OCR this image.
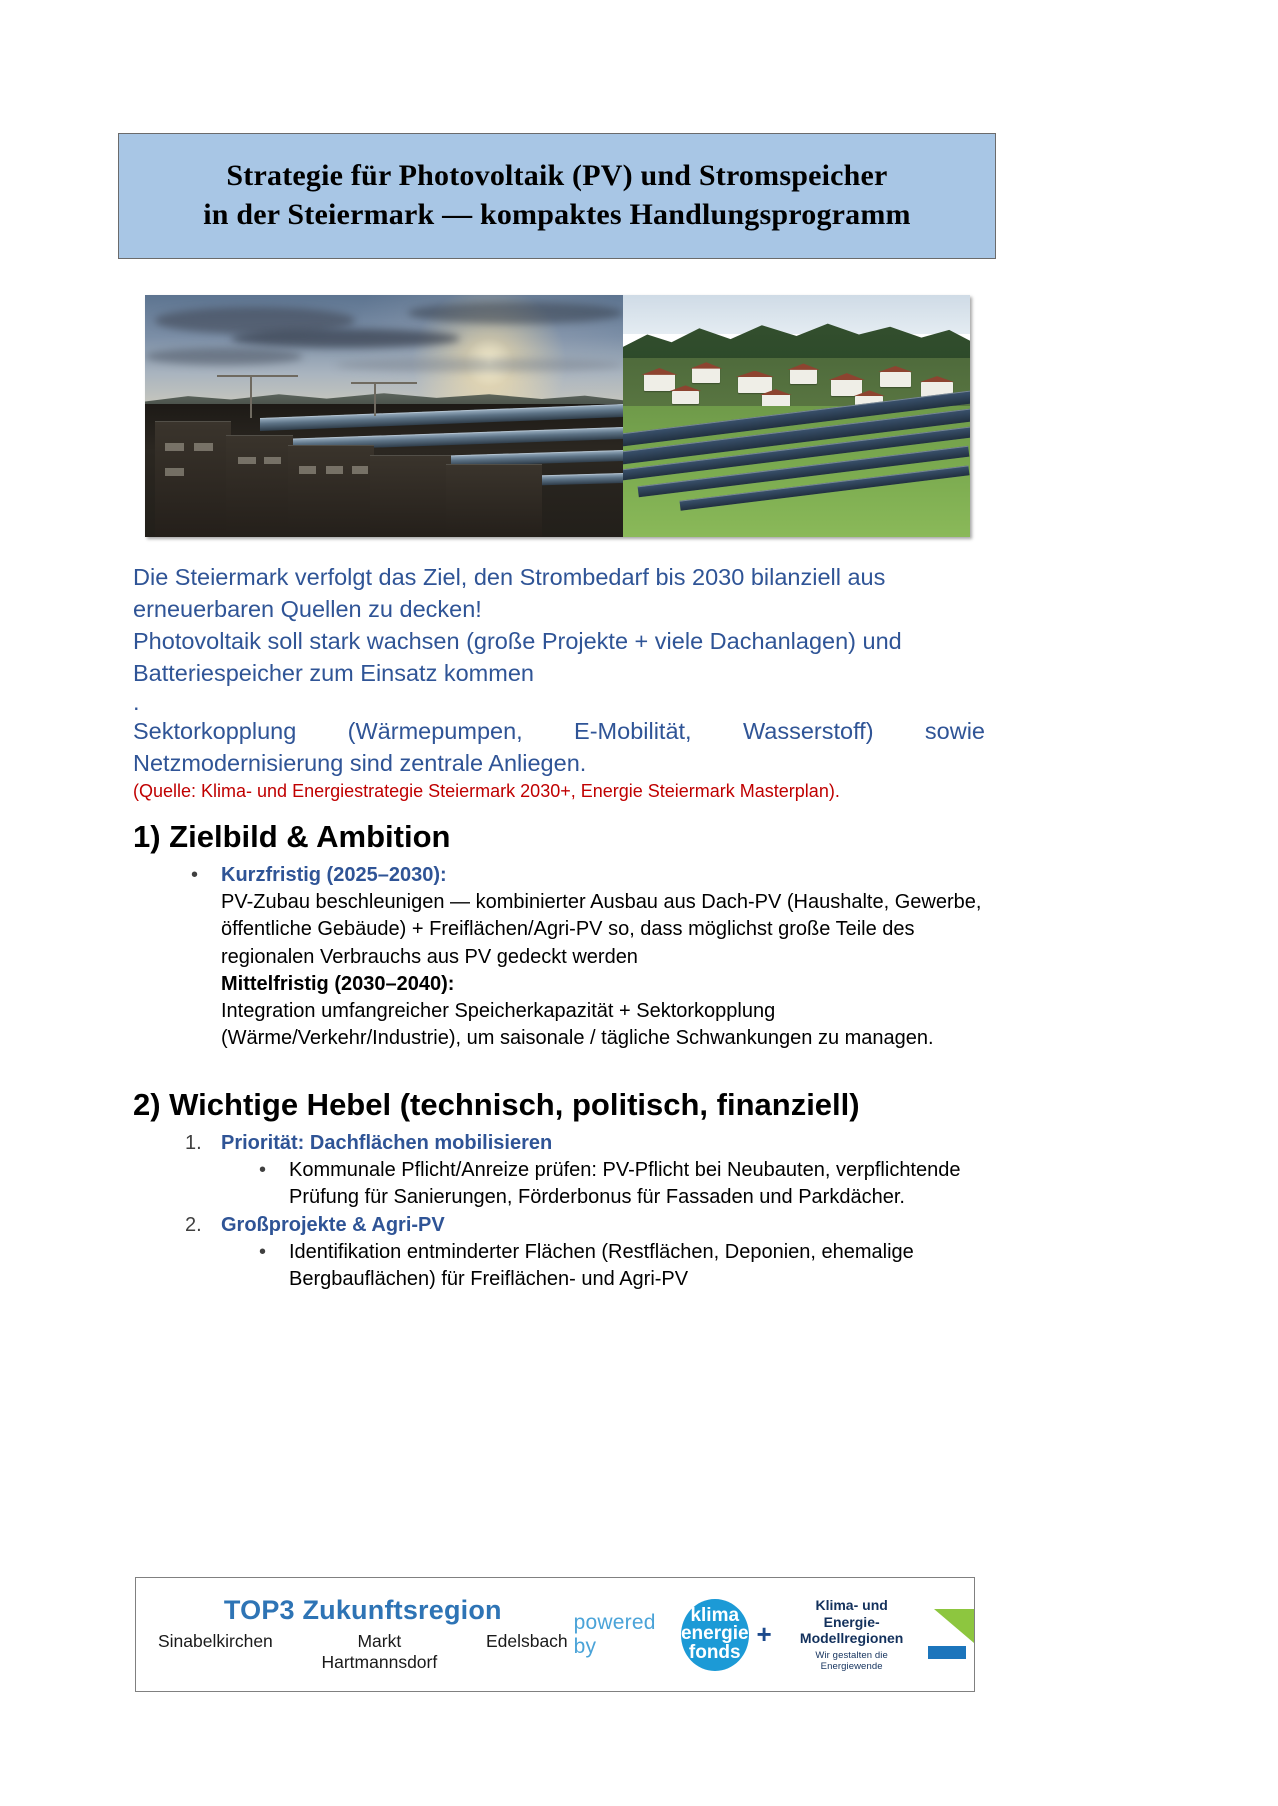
Strategie für Photovoltaik (PV) und Stromspeicher
in der Steiermark — kompaktes Handlungsprogramm

Die Steiermark verfolgt das Ziel, den Strombedarf bis 2030 bilanziell aus erneuerbaren Quellen zu decken!

Photovoltaik soll stark wachsen (große Projekte + viele Dachanlagen) und Batteriespeicher zum Einsatz kommen

.

Sektorkopplung (Wärmepumpen, E-Mobilität, Wasserstoff) sowie Netzmodernisierung sind zentrale Anliegen.

(Quelle: Klima- und Energiestrategie Steiermark 2030+, Energie Steiermark Masterplan).

1) Zielbild & Ambition
• Kurzfristig (2025–2030):
PV-Zubau beschleunigen — kombinierter Ausbau aus Dach-PV (Haushalte, Gewerbe, öffentliche Gebäude) + Freiflächen/Agri-PV so, dass möglichst große Teile des regionalen Verbrauchs aus PV gedeckt werden
Mittelfristig (2030–2040):
Integration umfangreicher Speicherkapazität + Sektorkopplung (Wärme/Verkehr/Industrie), um saisonale / tägliche Schwankungen zu managen.
2) Wichtige Hebel (technisch, politisch, finanziell)
1. Priorität: Dachflächen mobilisieren
• Kommunale Pflicht/Anreize prüfen: PV-Pflicht bei Neubauten, verpflichtende Prüfung für Sanierungen, Förderbonus für Fassaden und Parkdächer.
2. Großprojekte & Agri-PV
• Identifikation entminderter Flächen (Restflächen, Deponien, ehemalige Bergbauflächen) für Freiflächen- und Agri-PV
TOP3 Zukunftsregion
Sinabelkirchen	Markt Hartmannsdorf
Edelsbach
powered by
klima
energie
fonds
+
Klima- und Energie-
Modellregionen
Wir gestalten die Energiewende
